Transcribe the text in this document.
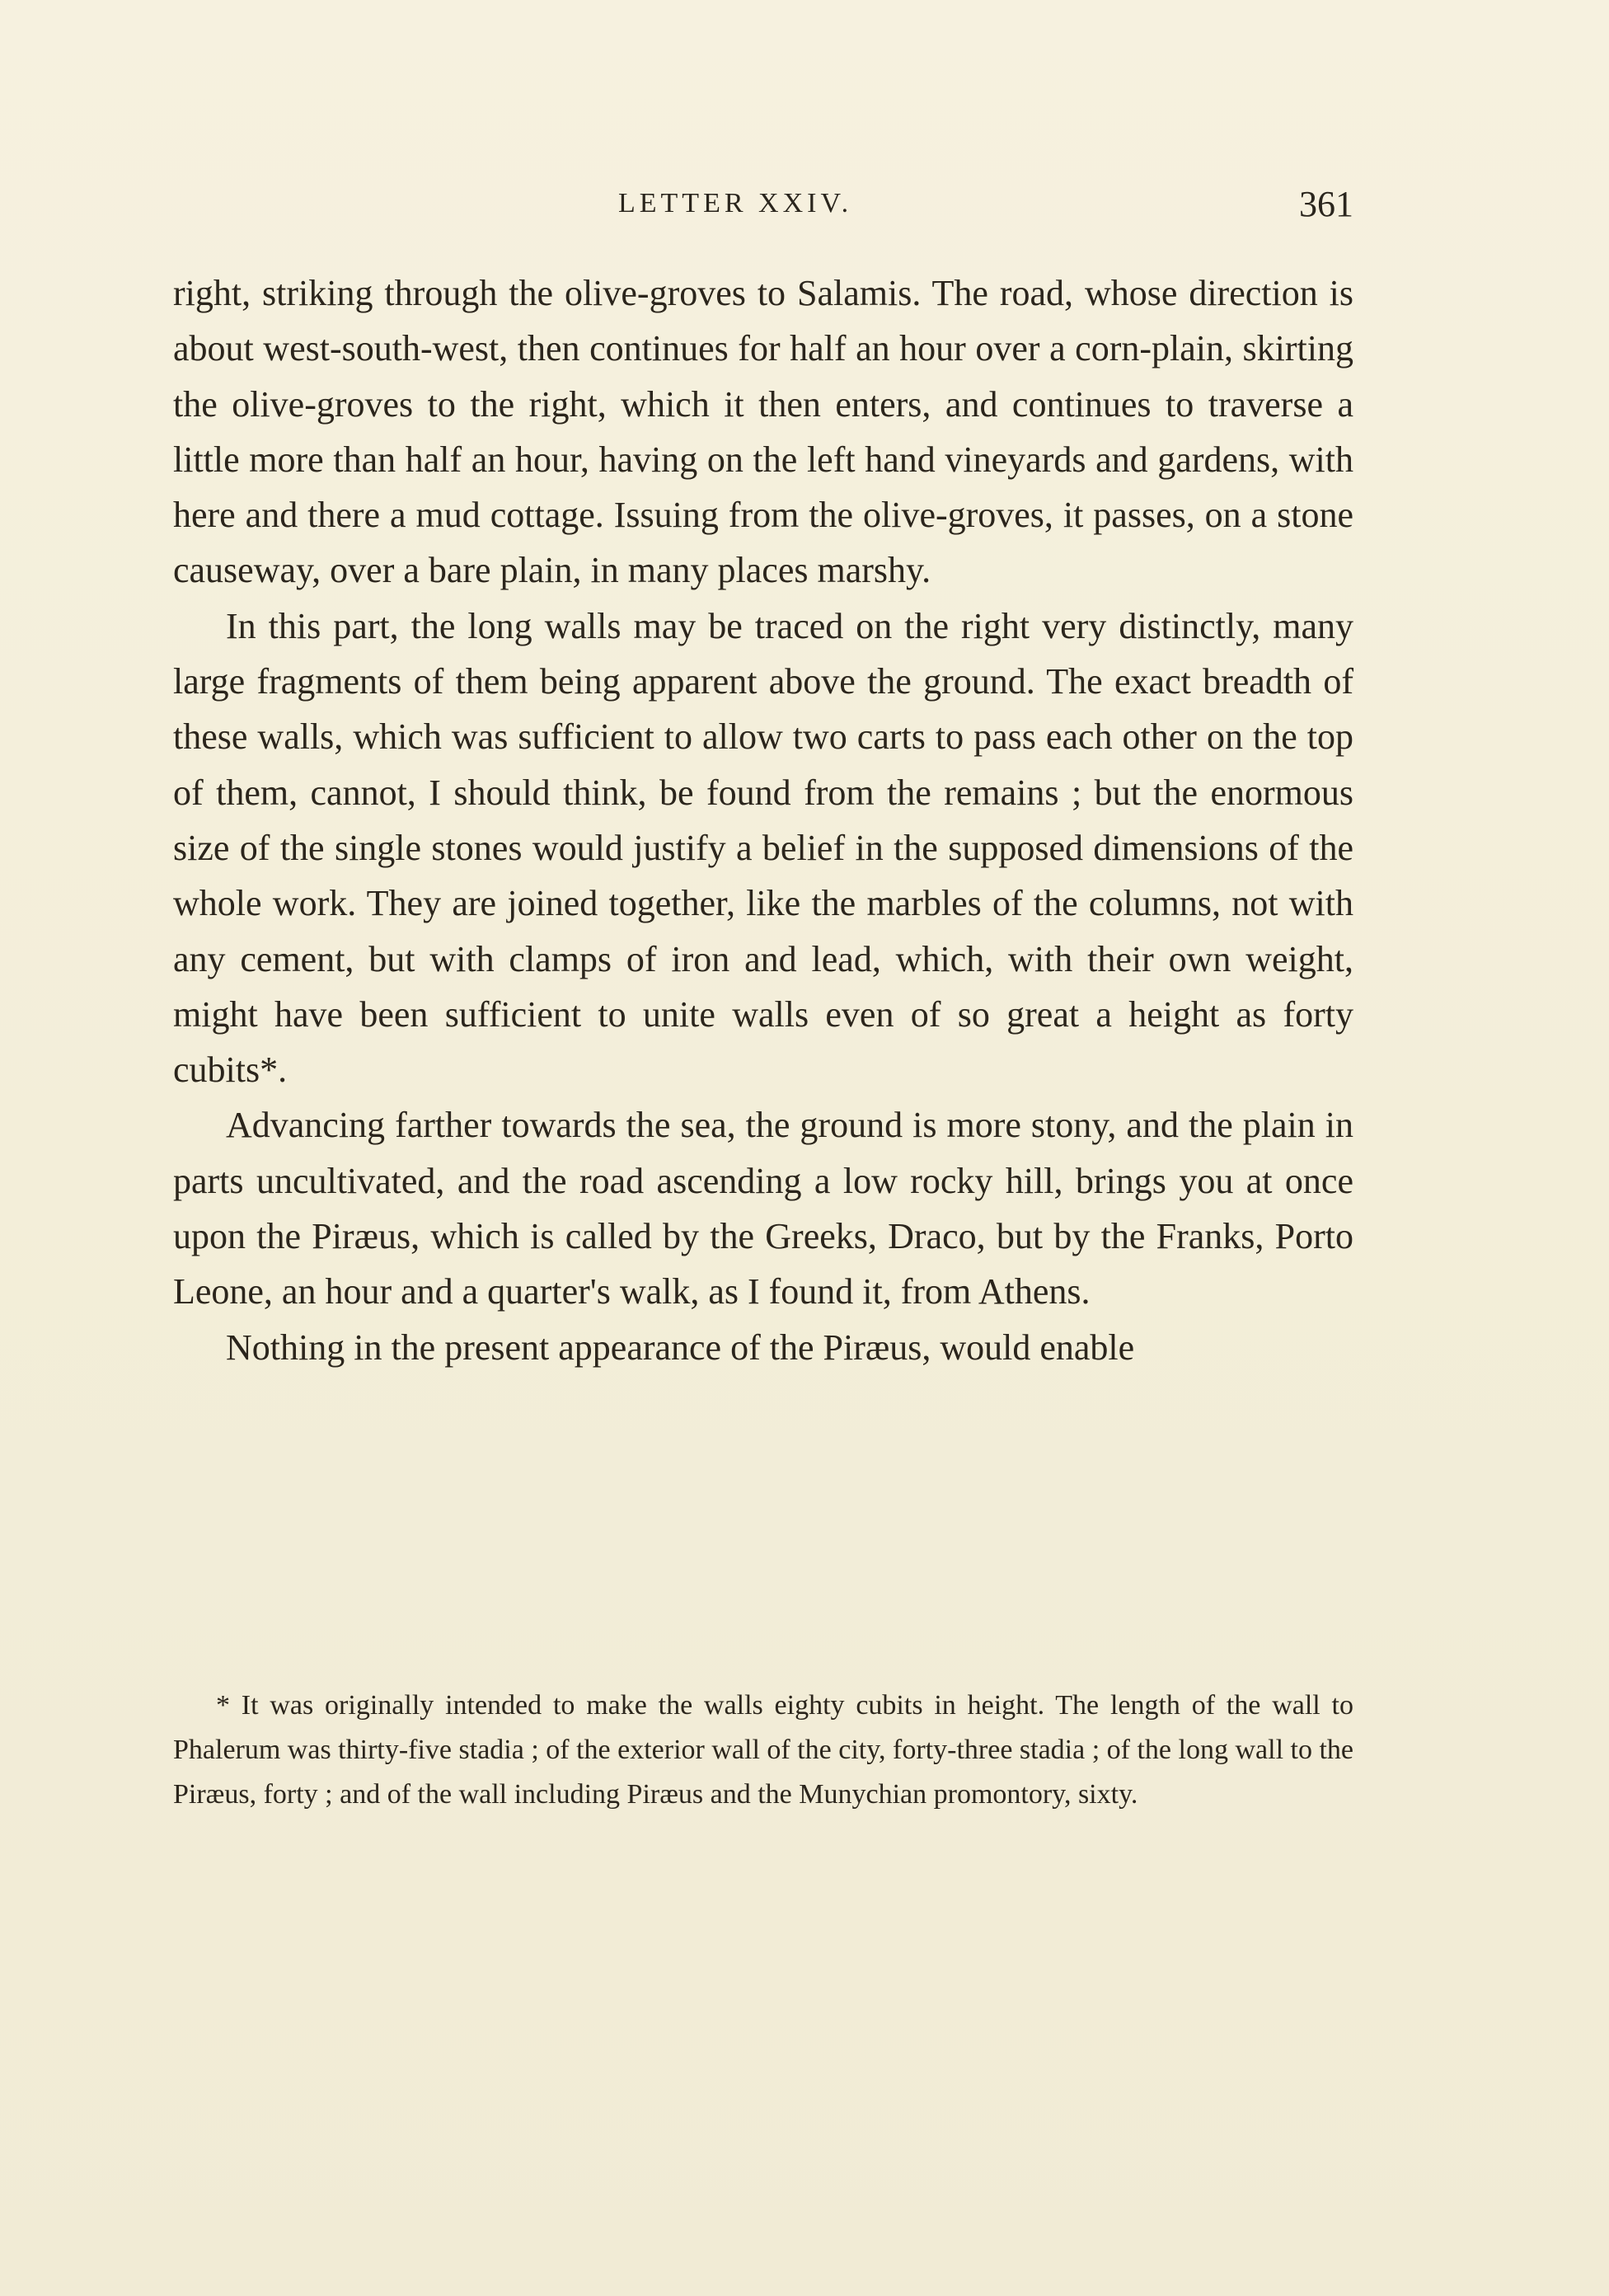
LETTER XXIV.	361

right, striking through the olive-groves to Salamis. The road, whose direction is about west-south-west, then continues for half an hour over a corn-plain, skirting the olive-groves to the right, which it then enters, and continues to traverse a little more than half an hour, having on the left hand vineyards and gardens, with here and there a mud cottage. Issuing from the olive-groves, it passes, on a stone causeway, over a bare plain, in many places marshy.

In this part, the long walls may be traced on the right very distinctly, many large fragments of them being apparent above the ground. The exact breadth of these walls, which was sufficient to allow two carts to pass each other on the top of them, cannot, I should think, be found from the remains ; but the enormous size of the single stones would justify a belief in the supposed dimensions of the whole work. They are joined together, like the marbles of the columns, not with any cement, but with clamps of iron and lead, which, with their own weight, might have been sufficient to unite walls even of so great a height as forty cubits*.

Advancing farther towards the sea, the ground is more stony, and the plain in parts uncultivated, and the road ascending a low rocky hill, brings you at once upon the Piræus, which is called by the Greeks, Draco, but by the Franks, Porto Leone, an hour and a quarter's walk, as I found it, from Athens.

Nothing in the present appearance of the Piræus, would enable

* It was originally intended to make the walls eighty cubits in height. The length of the wall to Phalerum was thirty-five stadia ; of the exterior wall of the city, forty-three stadia ; of the long wall to the Piræus, forty ; and of the wall including Piræus and the Munychian promontory, sixty.
